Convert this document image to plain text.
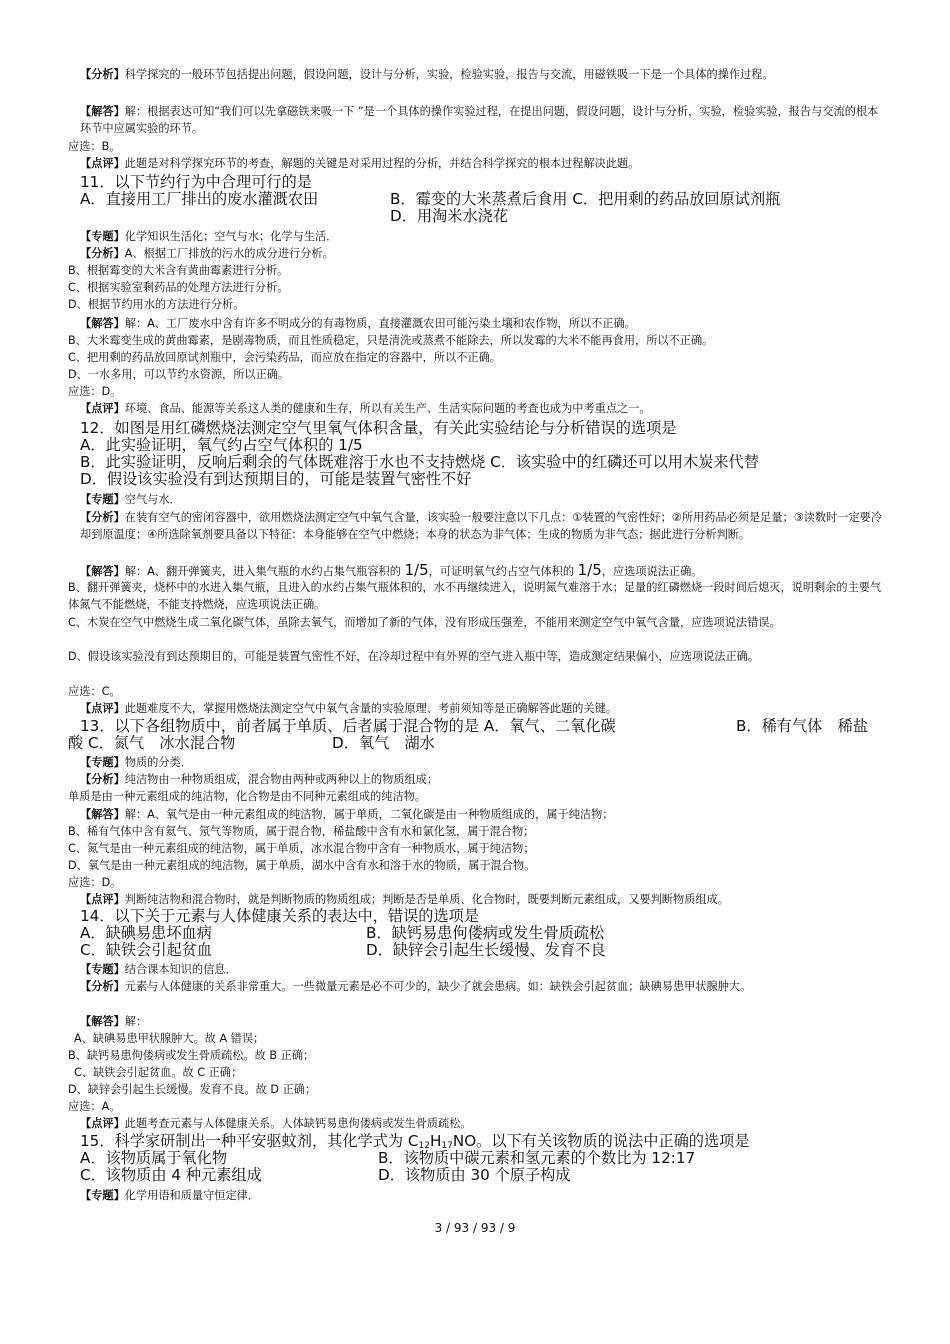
【分析】科学探究的一般环节包括提出问题，假设问题，设计与分析，实验，检验实验，报告与交流，用磁铁吸一下是一个具体的操作过程。
【解答】解：根据表达可知“我们可以先拿磁铁来吸一下 ”是一个具体的操作实验过程，在提出问题，假设问题，设计与分析，实验，检验实验，报告与交流的根本环节中应属实验的环节。
应选：B。
【点评】此题是对科学探究环节的考查，解题的关键是对采用过程的分析，并结合科学探究的根本过程解决此题。
11．以下节约行为中合理可行的是
A．直接用工厂排出的废水灌溉农田	B．霉变的大米蒸煮后食用 C．把用剩的药品放回原试剂瓶
D．用淘米水浇花
【专题】化学知识生活化；空气与水；化学与生活．
【分析】A、根据工厂排放的污水的成分进行分析。
B、根据霉变的大米含有黄曲霉素进行分析。
C、根据实验室剩药品的处理方法进行分析。
D、根据节约用水的方法进行分析。
【解答】解：A、工厂废水中含有许多不明成分的有毒物质，直接灌溉农田可能污染土壤和农作物，所以不正确。
B、大米霉变生成的黄曲霉素，是剧毒物质，而且性质稳定，只是清洗或蒸煮不能除去，所以发霉的大米不能再食用，所以不正确。
C、把用剩的药品放回原试剂瓶中，会污染药品，而应放在指定的容器中，所以不正确。
D、一水多用，可以节约水资源，所以正确。
应选：D。
【点评】环境、食品、能源等关系这人类的健康和生存，所以有关生产、生活实际问题的考查也成为中考重点之一。
12．如图是用红磷燃烧法测定空气里氧气体积含量，有关此实验结论与分析错误的选项是
A．此实验证明，氧气约占空气体积的 1/5
B．此实验证明，反响后剩余的气体既难溶于水也不支持燃烧 C．该实验中的红磷还可以用木炭来代替
D．假设该实验没有到达预期目的，可能是装置气密性不好
【专题】空气与水．
【分析】在装有空气的密闭容器中，欲用燃烧法测定空气中氧气含量，该实验一般要注意以下几点：①装置的气密性好；②所用药品必须是足量；③读数时一定要冷却到原温度；④所选除氧剂要具备以下特征：本身能够在空气中燃烧；本身的状态为非气体；生成的物质为非气态；据此进行分析判断。
【解答】解：A、翻开弹簧夹，进入集气瓶的水约占集气瓶容积的 1/5，可证明氧气约占空气体积的 1/5，应选项说法正确。
B、翻开弹簧夹，烧杯中的水进入集气瓶，且进入的水约占集气瓶体积的，水不再继续进入，说明氮气难溶于水；足量的红磷燃烧一段时间后熄灭，说明剩余的主要气体氮气不能燃烧，不能支持燃烧，应选项说法正确。
C、木炭在空气中燃烧生成二氧化碳气体，虽除去氧气，而增加了新的气体，没有形成压强差，不能用来测定空气中氧气含量，应选项说法错误。
D、假设该实验没有到达预期目的，可能是装置气密性不好，在冷却过程中有外界的空气进入瓶中等，造成测定结果偏小，应选项说法正确。
应选：C。
【点评】此题难度不大，掌握用燃烧法测定空气中氧气含量的实验原理、考前须知等是正确解答此题的关键。
13．以下各组物质中，前者属于单质、后者属于混合物的是 A．氧气、二氧化碳	B．稀有气体　稀盐
酸 C．氮气　冰水混合物	D．氧气　湖水
【专题】物质的分类．
【分析】纯洁物由一种物质组成，混合物由两种或两种以上的物质组成；
单质是由一种元素组成的纯洁物，化合物是由不同种元素组成的纯洁物。
【解答】解：A、氧气是由一种元素组成的纯洁物，属于单质，二氧化碳是由一种物质组成的，属于纯洁物；
B、稀有气体中含有氦气、氖气等物质，属于混合物，稀盐酸中含有水和氯化氢，属于混合物；
C、氮气是由一种元素组成的纯洁物，属于单质，冰水混合物中含有一种物质水，属于纯洁物；
D、氧气是由一种元素组成的纯洁物，属于单质，湖水中含有水和溶于水的物质，属于混合物。
应选：D。
【点评】判断纯洁物和混合物时，就是判断物质的物质组成；判断是否是单质、化合物时，既要判断元素组成，又要判断物质组成。
14．以下关于元素与人体健康关系的表达中，错误的选项是
A．缺碘易患坏血病	B．缺钙易患佝偻病或发生骨质疏松
C．缺铁会引起贫血	D．缺锌会引起生长缓慢、发育不良
【专题】结合课本知识的信息．
【分析】元素与人体健康的关系非常重大。一些微量元素是必不可少的，缺少了就会患病。如：缺铁会引起贫血；缺碘易患甲状腺肿大。
【解答】解：
A、缺碘易患甲状腺肿大。故 A 错误；
B、缺钙易患佝偻病或发生骨质疏松。故 B 正确；
C、缺铁会引起贫血。故 C 正确；
D、缺锌会引起生长缓慢。发育不良。故 D 正确；
应选：A。
【点评】此题考查元素与人体健康关系。人体缺钙易患佝偻病或发生骨质疏松。
15．科学家研制出一种平安驱蚊剂，其化学式为 $C_{12}H_{17}NO$。以下有关该物质的说法中正确的选项是
A．该物质属于氧化物	B．该物质中碳元素和氢元素的个数比为 12:17
C．该物质由 4 种元素组成	D．该物质由 30 个原子构成
【专题】化学用语和质量守恒定律．
3 / 93 / 93 / 9
